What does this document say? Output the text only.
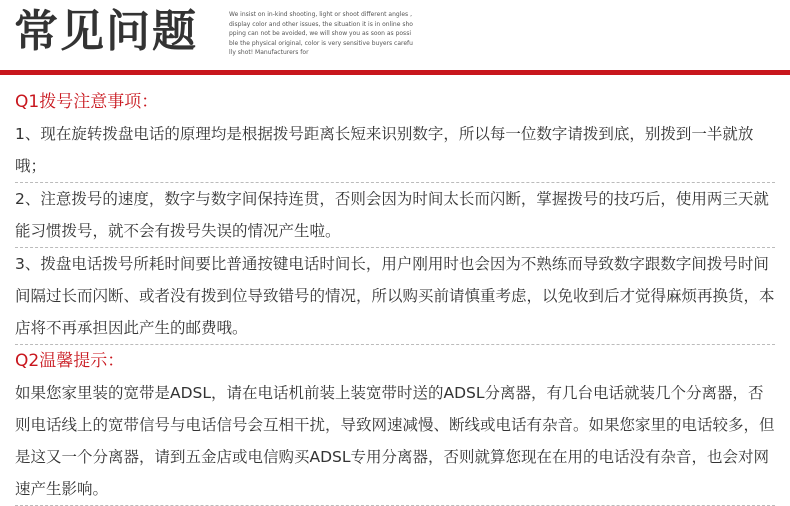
常见问题	We insist on in-kind shooting, light or shoot different angles , display color and other issues, the situation it is in online shopping can not be avoided, we will show you as soon as possible the physical original, color is very sensitive buyers carefully shot! Manufacturers for
Q1拨号注意事项：

1、现在旋转拨盘电话的原理均是根据拨号距离长短来识别数字，所以每一位数字请拨到底，别拨到一半就放哦；

2、注意拨号的速度，数字与数字间保持连贯，否则会因为时间太长而闪断，掌握拨号的技巧后，使用两三天就能习惯拨号，就不会有拨号失误的情况产生啦。

3、拨盘电话拨号所耗时间要比普通按键电话时间长，用户刚用时也会因为不熟练而导致数字跟数字间拨号时间间隔过长而闪断、或者没有拨到位导致错号的情况，所以购买前请慎重考虑，以免收到后才觉得麻烦再换货，本店将不再承担因此产生的邮费哦。

Q2温馨提示：

如果您家里装的宽带是ADSL，请在电话机前装上装宽带时送的ADSL分离器，有几台电话就装几个分离器，否则电话线上的宽带信号与电话信号会互相干扰，导致网速减慢、断线或电话有杂音。如果您家里的电话较多，但是这又一个分离器，请到五金店或电信购买ADSL专用分离器，否则就算您现在在用的电话没有杂音，也会对网速产生影响。
